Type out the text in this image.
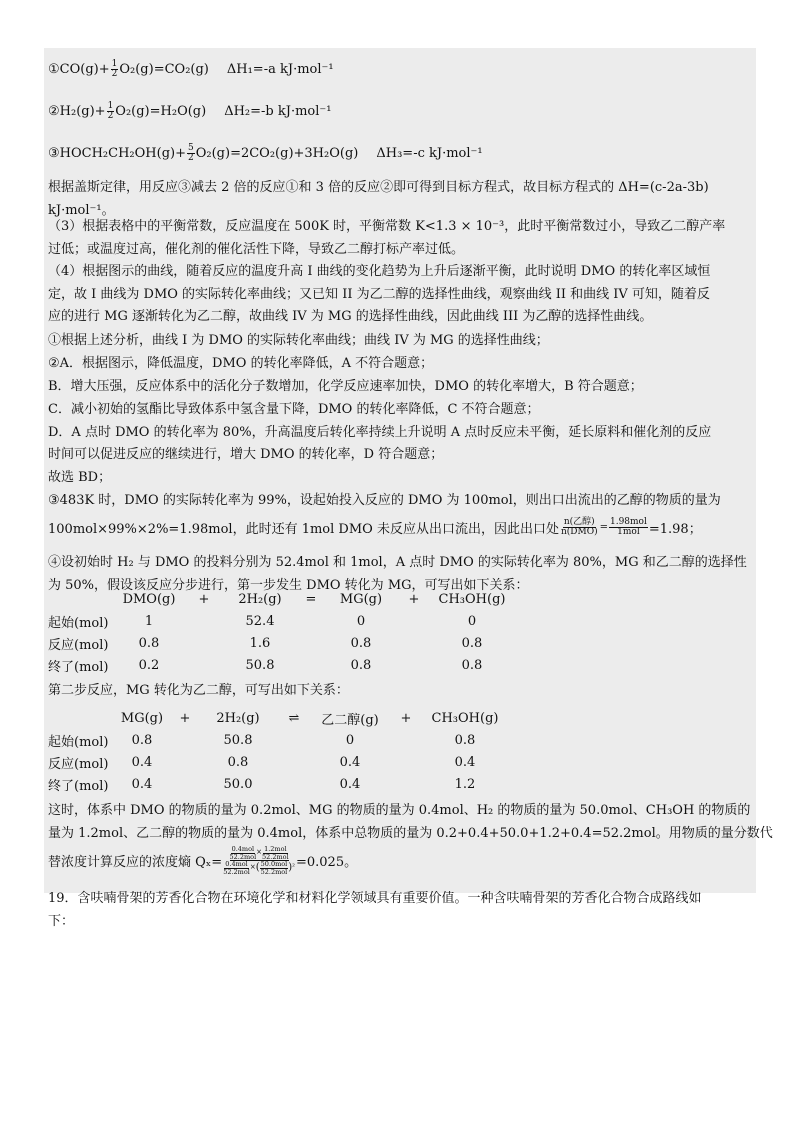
① $CO(g)+ \frac{1}{2} O_2(g)=CO_2(g)$ ΔH₁=-a kJ·mol⁻¹
② $H_2(g)+ \frac{1}{2} O_2(g)=H_2O(g)$ ΔH₂=-b kJ·mol⁻¹
③ HOCH₂CH₂OH(g)+ $\frac{5}{2} O_2(g)=2CO_2(g)+3H_2O(g)$ ΔH₃=-c kJ·mol⁻¹
根据盖斯定律，用反应③减去 2 倍的反应①和 3 倍的反应②即可得到目标方程式，故目标方程式的 ΔH=(c-2a-3b)
kJ·mol⁻¹。
（3）根据表格中的平衡常数，反应温度在 500K 时，平衡常数 K<1.3 × 10⁻³，此时平衡常数过小，导致乙二醇产率
过低；或温度过高，催化剂的催化活性下降，导致乙二醇打标产率过低。
（4）根据图示的曲线，随着反应的温度升高 I 曲线的变化趋势为上升后逐渐平衡，此时说明 DMO 的转化率区域恒
定，故 I 曲线为 DMO 的实际转化率曲线；又已知 II 为乙二醇的选择性曲线，观察曲线 II 和曲线 IV 可知，随着反
应的进行 MG 逐渐转化为乙二醇，故曲线 IV 为 MG 的选择性曲线，因此曲线 III 为乙醇的选择性曲线。
①根据上述分析，曲线 I 为 DMO 的实际转化率曲线；曲线 IV 为 MG 的选择性曲线；
②A．根据图示，降低温度，DMO 的转化率降低，A 不符合题意；
B．增大压强，反应体系中的活化分子数增加，化学反应速率加快，DMO 的转化率增大，B 符合题意；
C．减小初始的氢酯比导致体系中氢含量下降，DMO 的转化率降低，C 不符合题意；
D．A 点时 DMO 的转化率为 80%，升高温度后转化率持续上升说明 A 点时反应未平衡，延长原料和催化剂的反应
时间可以促进反应的继续进行，增大 DMO 的转化率，D 符合题意；
故选 BD；
③483K 时，DMO 的实际转化率为 99%，设起始投入反应的 DMO 为 100mol，则出口出流出的乙醇的物质的量为
100mol×99%×2%=1.98mol，此时还有 1mol DMO 未反应从出口流出，因此出口处 $\frac{\text{n(乙醇)}}{\text{n(DMO)}} = \frac{\text{1.98mol}}{\text{1mol}} =1.98$；
④设初始时 H₂ 与 DMO 的投料分别为 52.4mol 和 1mol，A 点时 DMO 的实际转化率为 80%，MG 和乙二醇的选择性
为 50%，假设该反应分步进行，第一步发生 DMO 转化为 MG，可写出如下关系：
	DMO(g)	+	2H₂(g)	=	MG(g)	+	CH₃OH(g)
起始(mol)	1		52.4		0		0
反应(mol)	0.8		1.6		0.8		0.8
终了(mol)	0.2		50.8		0.8		0.8
第二步反应，MG 转化为乙二醇，可写出如下关系：
	MG(g)	+	2H₂(g)	⇌	乙二醇(g)	+	CH₃OH(g)
起始(mol)	0.8		50.8		0		0.8
反应(mol)	0.4		0.8		0.4		0.4
终了(mol)	0.4		50.0		0.4		1.2
这时，体系中 DMO 的物质的量为 0.2mol、MG 的物质的量为 0.4mol、H₂ 的物质的量为 50.0mol、CH₃OH 的物质的
量为 1.2mol、乙二醇的物质的量为 0.4mol，体系中总物质的量为 0.2+0.4+50.0+1.2+0.4=52.2mol。用物质的量分数代
替浓度计算反应的浓度熵 Qₓ= 0.4mol
52.2mol
× 1.2mol
52.2mol
0.4mol
52.2mol
× ( 50.0mol
52.2mol ) ² =0.025。
19．含呋喃骨架的芳香化合物在环境化学和材料化学领域具有重要价值。一种含呋喃骨架的芳香化合物合成路线如
下：
